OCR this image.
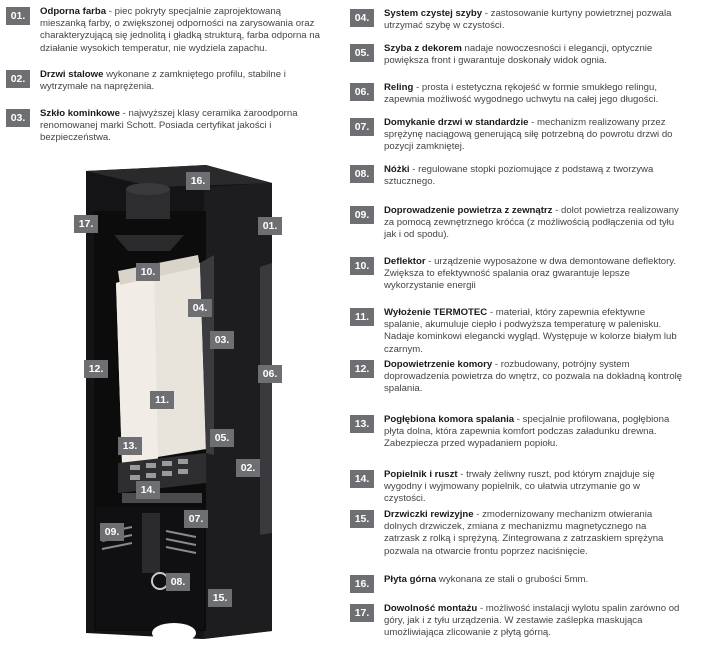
01.	Odporna farba - piec pokryty specjalnie zaprojektowaną mieszanką farby, o zwiększonej odporności na zarysowania oraz charakteryzującą się jednolitą i gładką strukturą, farba odporna na działanie wysokich temperatur, nie wydziela zapachu.
02.	Drzwi stalowe wykonane z zamkniętego profilu, stabilne i wytrzymałe na naprężenia.
03.	Szkło kominkowe - najwyższej klasy ceramika żaroodporna renomowanej marki Schott. Posiada certyfikat jakości i bezpieczeństwa.
04.	System czystej szyby - zastosowanie kurtyny powietrznej pozwala utrzymać szybę w czystości.
05.	Szyba z dekorem nadaje nowoczesności i elegancji, optycznie powiększa front i gwarantuje doskonały widok ognia.
06.	Reling - prosta i estetyczna rękojeść w formie smukłego relingu, zapewnia możliwość wygodnego uchwytu na całej jego długości.
07.	Domykanie drzwi w standardzie - mechanizm realizowany przez sprężynę naciągową generującą siłę potrzebną do powrotu drzwi do pozycji zamkniętej.
08.	Nóżki - regulowane stopki poziomujące z podstawą z tworzywa sztucznego.
09.	Doprowadzenie powietrza z zewnątrz - dolot powietrza realizowany za pomocą zewnętrznego króćca (z możliwością podłączenia od tyłu jak i od spodu).
10.	Deflektor - urządzenie wyposażone w dwa demontowane deflektory. Zwiększa to efektywność spalania oraz gwarantuje lepsze wykorzystanie energii
11.	Wyłożenie TERMOTEC - materiał, który zapewnia efektywne spalanie, akumuluje ciepło i podwyższa temperaturę w palenisku. Nadaje kominkowi elegancki wygląd. Występuje w kolorze białym lub czarnym.
12.	Dopowietrzenie komory - rozbudowany, potrójny system doprowadzenia powietrza do wnętrz, co pozwala na dokładną kontrolę spalania.
13.	Pogłębiona komora spalania - specjalnie profilowana, pogłębiona płyta dolna, która zapewnia komfort podczas załadunku drewna. Zabezpiecza przed wypadaniem popiołu.
14.	Popielnik i ruszt - trwały żeliwny ruszt, pod którym znajduje się wygodny i wyjmowany popielnik, co ułatwia utrzymanie go w czystości.
15.	Drzwiczki rewizyjne - zmodernizowany mechanizm otwierania dolnych drzwiczek, zmiana z mechanizmu magnetycznego na zatrzask z rolką i sprężyną. Zintegrowana z zatrzaskiem sprężyna pozwala na otwarcie frontu poprzez naciśnięcie.
16.	Płyta górna wykonana ze stali o grubości 5mm.
17.	Dowolność montażu - możliwość instalacji wylotu spalin zarówno od góry, jak i z tyłu urządzenia. W zestawie zaślepka maskująca umożliwiająca zlicowanie z płytą górną.
16.
17.	01.
10.
04.
03.
12.	06.
11.
13.
05.
02.
14.
09.
07.
08.
15.
